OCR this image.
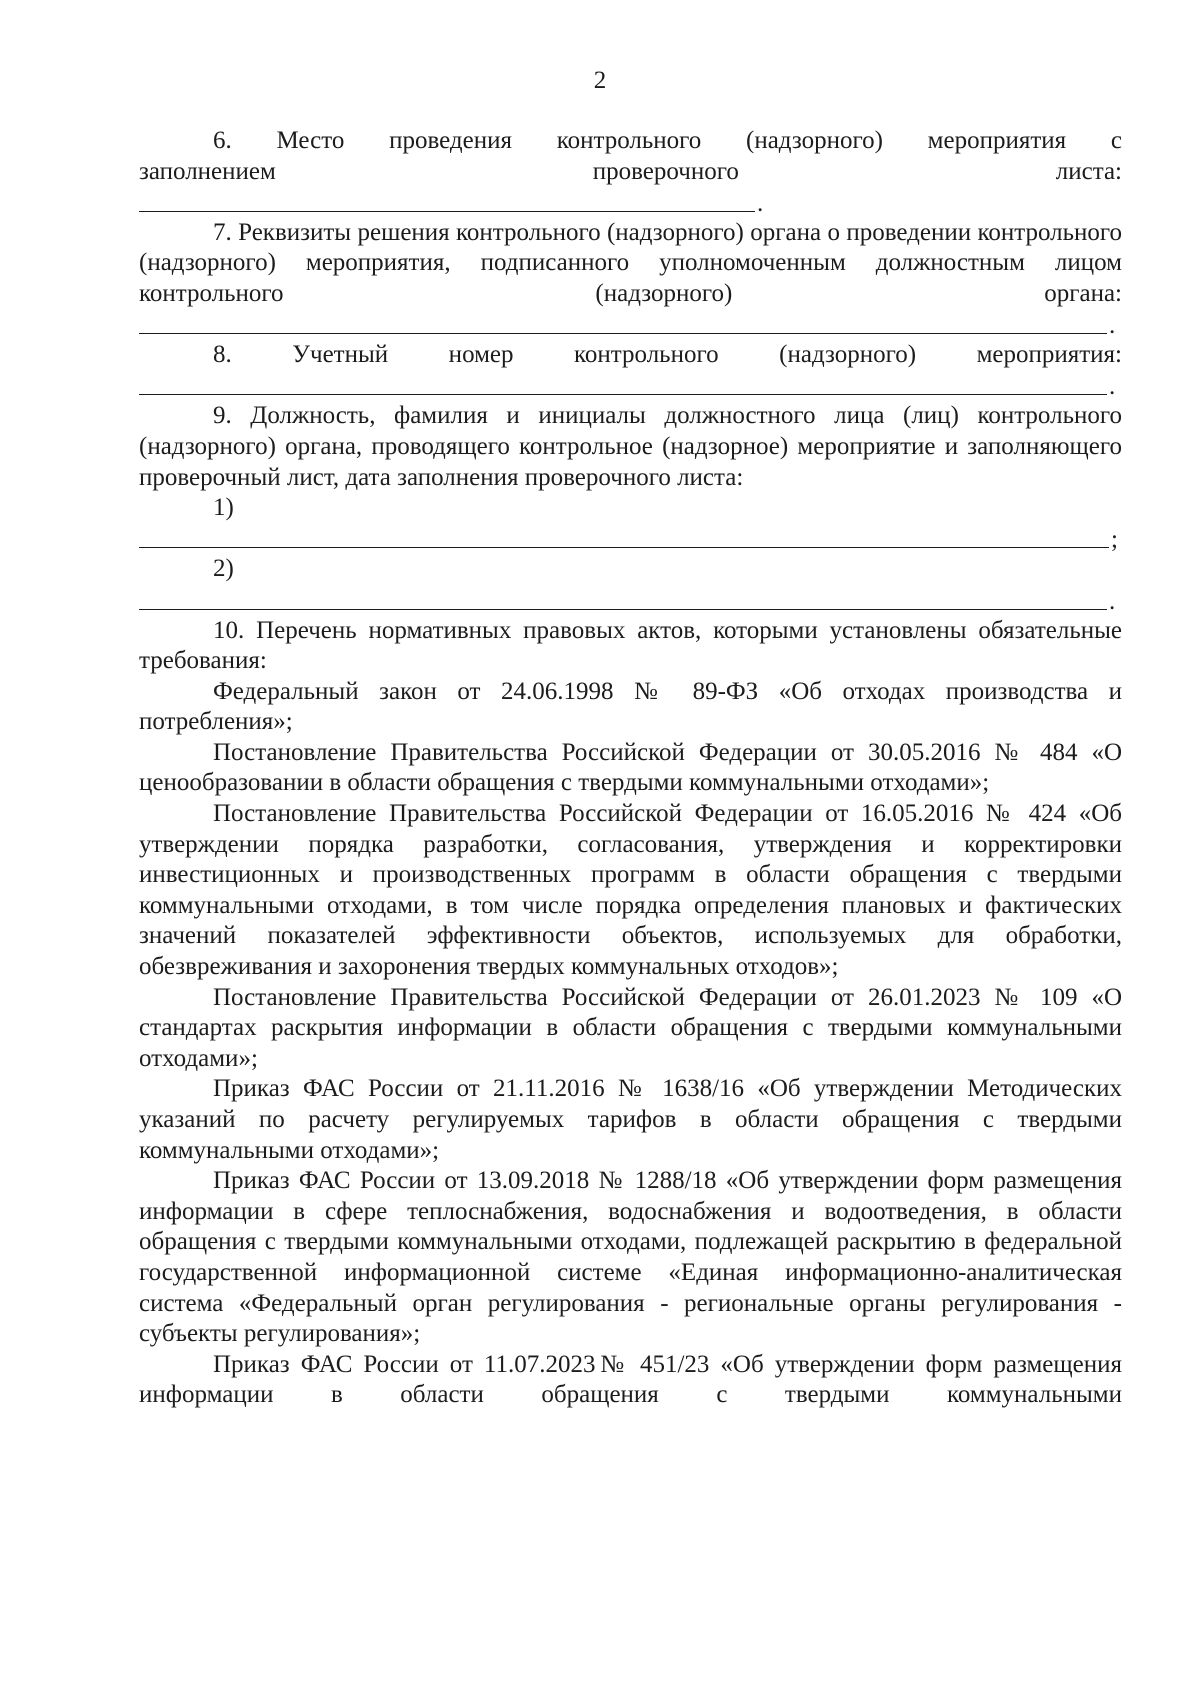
2

6. Место проведения контрольного (надзорного) мероприятия с

заполнением проверочного листа:

.

7. Реквизиты решения контрольного (надзорного) органа о проведении контрольного (надзорного) мероприятия, подписанного уполномоченным должностным лицом контрольного (надзорного) органа:

.

8. Учетный номер контрольного (надзорного) мероприятия:

.

9. Должность, фамилия и инициалы должностного лица (лиц) контрольного (надзорного) органа, проводящего контрольное (надзорное) мероприятие и заполняющего проверочный лист, дата заполнения проверочного листа:

1)

;

2)

.

10. Перечень нормативных правовых актов, которыми установлены обязательные требования:

Федеральный закон от 24.06.1998 № 89-ФЗ «Об отходах производства и потребления»;

Постановление Правительства Российской Федерации от 30.05.2016 № 484 «О ценообразовании в области обращения с твердыми коммунальными отходами»;

Постановление Правительства Российской Федерации от 16.05.2016 № 424 «Об утверждении порядка разработки, согласования, утверждения и корректировки инвестиционных и производственных программ в области обращения с твердыми коммунальными отходами, в том числе порядка определения плановых и фактических значений показателей эффективности объектов, используемых для обработки, обезвреживания и захоронения твердых коммунальных отходов»;

Постановление Правительства Российской Федерации от 26.01.2023 № 109 «О стандартах раскрытия информации в области обращения с твердыми коммунальными отходами»;

Приказ ФАС России от 21.11.2016 № 1638/16 «Об утверждении Методических указаний по расчету регулируемых тарифов в области обращения с твердыми коммунальными отходами»;

Приказ ФАС России от 13.09.2018 № 1288/18 «Об утверждении форм размещения информации в сфере теплоснабжения, водоснабжения и водоотведения, в области обращения с твердыми коммунальными отходами, подлежащей раскрытию в федеральной государственной информационной системе «Единая информационно-аналитическая система «Федеральный орган регулирования - региональные органы регулирования - субъекты регулирования»;

Приказ ФАС России от 11.07.2023№ 451/23 «Об утверждении форм размещения информации в области обращения с твердыми коммунальными
